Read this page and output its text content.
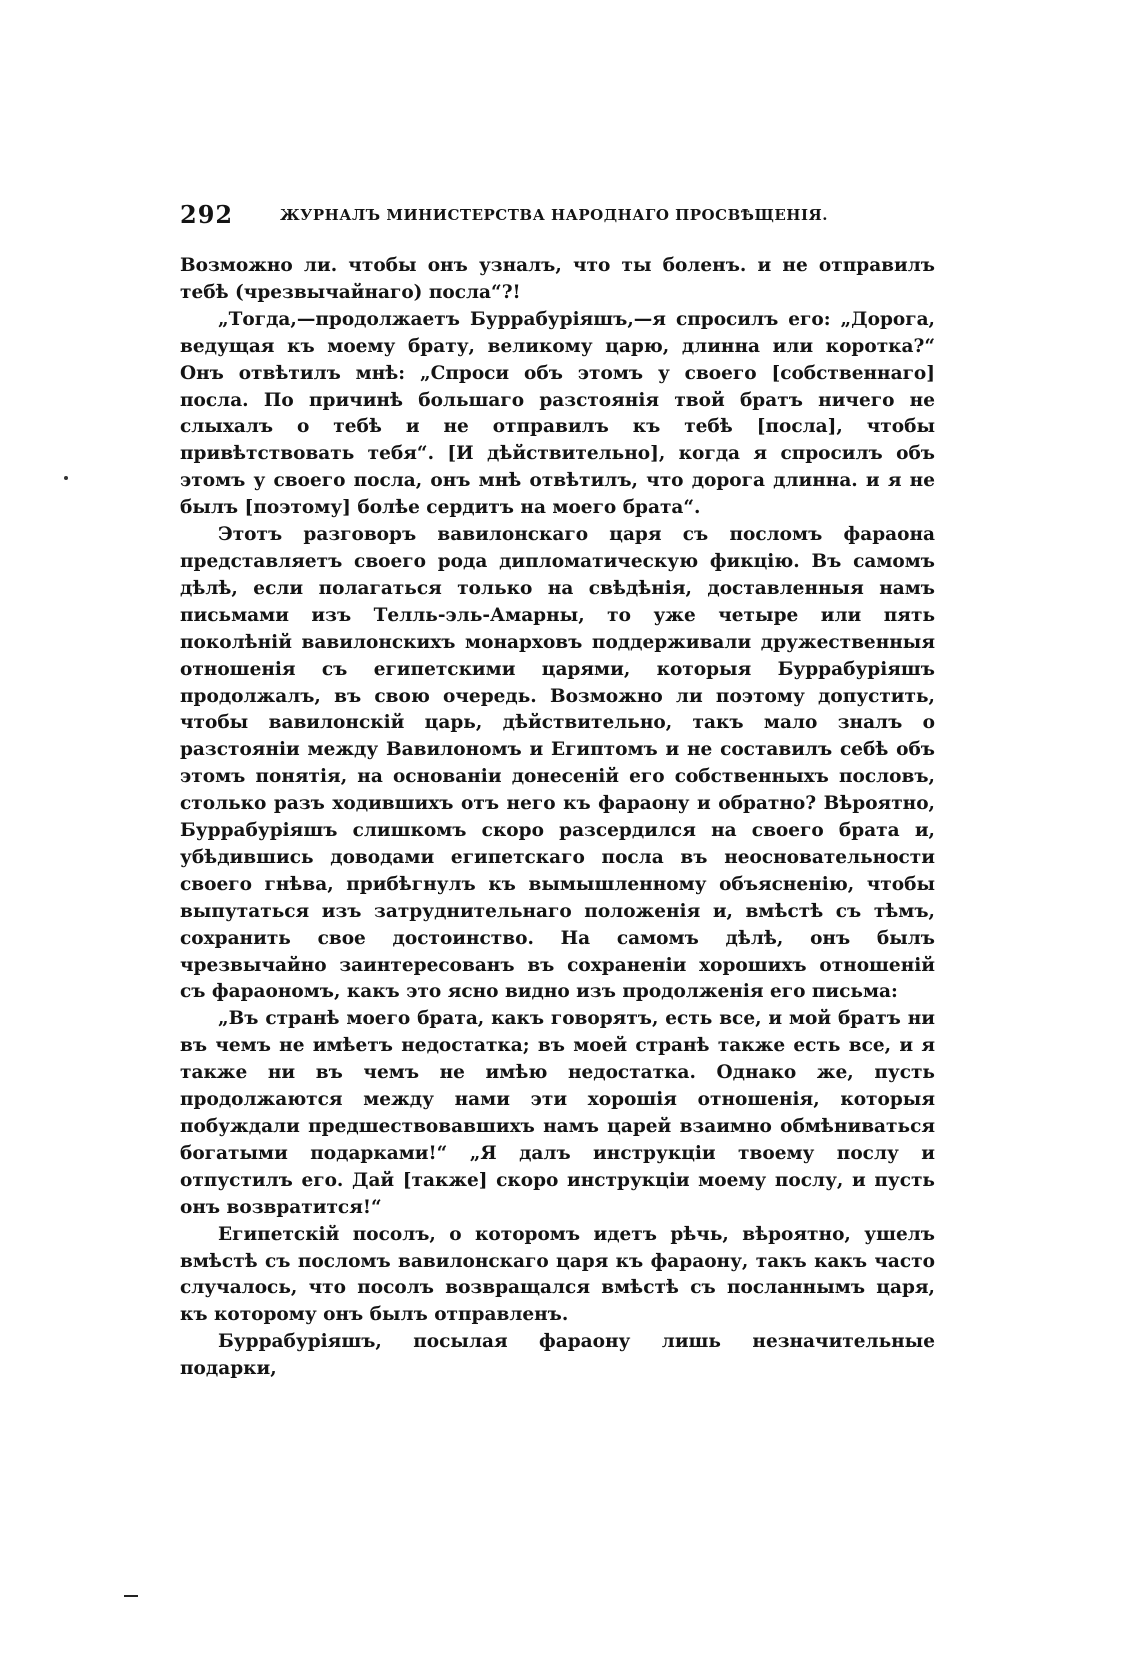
292	ЖУРНАЛЪ МИНИСТЕРСТВА НАРОДНАГО ПРОСВѢЩЕНІЯ.

Возможно ли. чтобы онъ узналъ, что ты боленъ. и не отправилъ тебѣ (чрезвычайнаго) посла“?!

„Тогда,—продолжаетъ Буррабуріяшъ,—я спросилъ его: „Дорога, ведущая къ моему брату, великому царю, длинна или коротка?“ Онъ отвѣтилъ мнѣ: „Спроси объ этомъ у своего [собственнаго] посла. По причинѣ большаго разстоянія твой братъ ничего не слыхалъ о тебѣ и не отправилъ къ тебѣ [посла], чтобы привѣтствовать тебя“. [И дѣйствительно], когда я спросилъ объ этомъ у своего посла, онъ мнѣ отвѣтилъ, что дорога длинна. и я не былъ [поэтому] болѣе сердитъ на моего брата“.

Этотъ разговоръ вавилонскаго царя съ посломъ фараона представляетъ своего рода дипломатическую фикцію. Въ самомъ дѣлѣ, если полагаться только на свѣдѣнія, доставленныя намъ письмами изъ Телль-эль-Амарны, то уже четыре или пять поколѣній вавилонскихъ монарховъ поддерживали дружественныя отношенія съ египетскими царями, которыя Буррабуріяшъ продолжалъ, въ свою очередь. Возможно ли поэтому допустить, чтобы вавилонскій царь, дѣйствительно, такъ мало зналъ о разстояніи между Вавилономъ и Египтомъ и не составилъ себѣ объ этомъ понятія, на основаніи донесеній его собственныхъ пословъ, столько разъ ходившихъ отъ него къ фараону и обратно? Вѣроятно, Буррабуріяшъ слишкомъ скоро разсердился на своего брата и, убѣдившись доводами египетскаго посла въ неосновательности своего гнѣва, прибѣгнулъ къ вымышленному объясненію, чтобы выпутаться изъ затруднительнаго положенія и, вмѣстѣ съ тѣмъ, сохранить свое достоинство. На самомъ дѣлѣ, онъ былъ чрезвычайно заинтересованъ въ сохраненіи хорошихъ отношеній съ фараономъ, какъ это ясно видно изъ продолженія его письма:

„Въ странѣ моего брата, какъ говорятъ, есть все, и мой братъ ни въ чемъ не имѣетъ недостатка; въ моей странѣ также есть все, и я также ни въ чемъ не имѣю недостатка. Однако же, пусть продолжаются между нами эти хорошія отношенія, которыя побуждали предшествовавшихъ намъ царей взаимно обмѣниваться богатыми подарками!“ „Я далъ инструкціи твоему послу и отпустилъ его. Дай [также] скоро инструкціи моему послу, и пусть онъ возвратится!“

Египетскій посолъ, о которомъ идетъ рѣчь, вѣроятно, ушелъ вмѣстѣ съ посломъ вавилонскаго царя къ фараону, такъ какъ часто случалось, что посолъ возвращался вмѣстѣ съ посланнымъ царя, къ которому онъ былъ отправленъ.

Буррабуріяшъ, посылая фараону лишь незначительные подарки,
